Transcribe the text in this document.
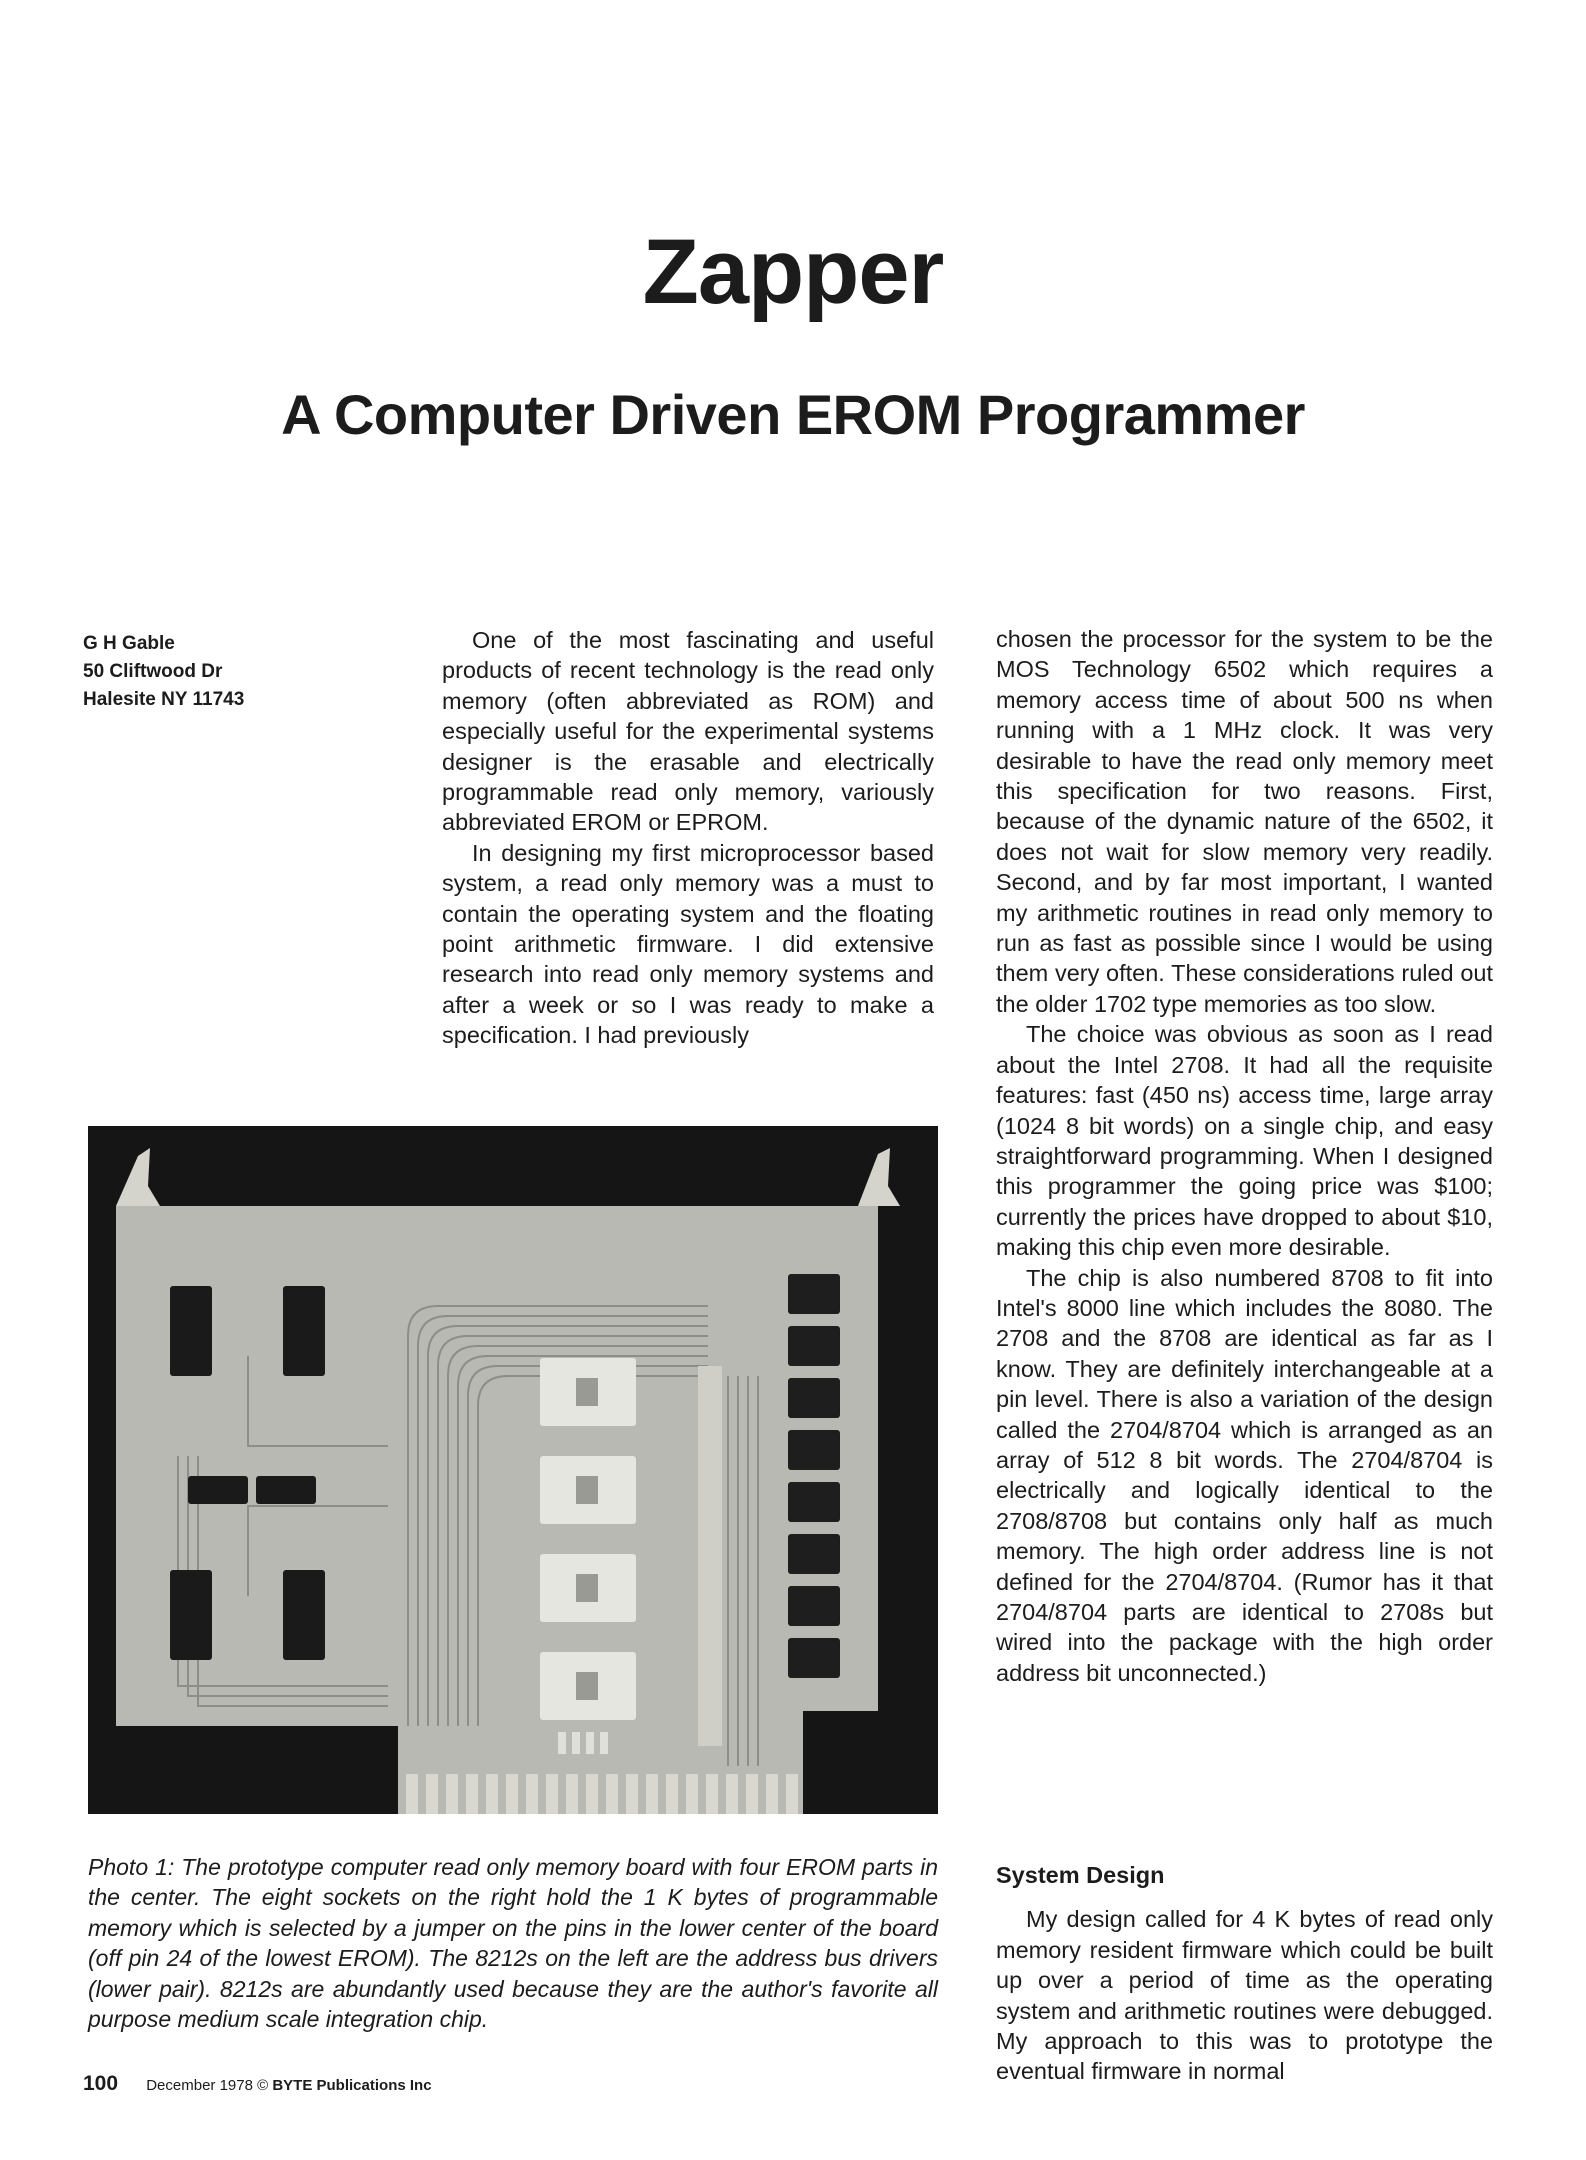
Zapper
A Computer Driven EROM Programmer
G H Gable
50 Cliftwood Dr
Halesite NY 11743

One of the most fascinating and useful products of recent technology is the read only memory (often abbreviated as ROM) and especially useful for the experimental systems designer is the erasable and electrically programmable read only memory, variously abbreviated EROM or EPROM.

In designing my first microprocessor based system, a read only memory was a must to contain the operating system and the floating point arithmetic firmware. I did extensive research into read only memory systems and after a week or so I was ready to make a specification. I had previously

chosen the processor for the system to be the MOS Technology 6502 which requires a memory access time of about 500 ns when running with a 1 MHz clock. It was very desirable to have the read only memory meet this specification for two reasons. First, because of the dynamic nature of the 6502, it does not wait for slow memory very readily. Second, and by far most important, I wanted my arithmetic routines in read only memory to run as fast as possible since I would be using them very often. These considerations ruled out the older 1702 type memories as too slow.

The choice was obvious as soon as I read about the Intel 2708. It had all the requisite features: fast (450 ns) access time, large array (1024 8 bit words) on a single chip, and easy straightforward programming. When I designed this programmer the going price was $100; currently the prices have dropped to about $10, making this chip even more desirable.

The chip is also numbered 8708 to fit into Intel's 8000 line which includes the 8080. The 2708 and the 8708 are identical as far as I know. They are definitely interchangeable at a pin level. There is also a variation of the design called the 2704/8704 which is arranged as an array of 512 8 bit words. The 2704/8704 is electrically and logically identical to the 2708/8708 but contains only half as much memory. The high order address line is not defined for the 2704/8704. (Rumor has it that 2704/8704 parts are identical to 2708s but wired into the package with the high order address bit unconnected.)

System Design

My design called for 4 K bytes of read only memory resident firmware which could be built up over a period of time as the operating system and arithmetic routines were debugged. My approach to this was to prototype the eventual firmware in normal

Photo 1: The prototype computer read only memory board with four EROM parts in the center. The eight sockets on the right hold the 1 K bytes of programmable memory which is selected by a jumper on the pins in the lower center of the board (off pin 24 of the lowest EROM). The 8212s on the left are the address bus drivers (lower pair). 8212s are abundantly used because they are the author's favorite all purpose medium scale integration chip.
100 December 1978 © BYTE Publications Inc
